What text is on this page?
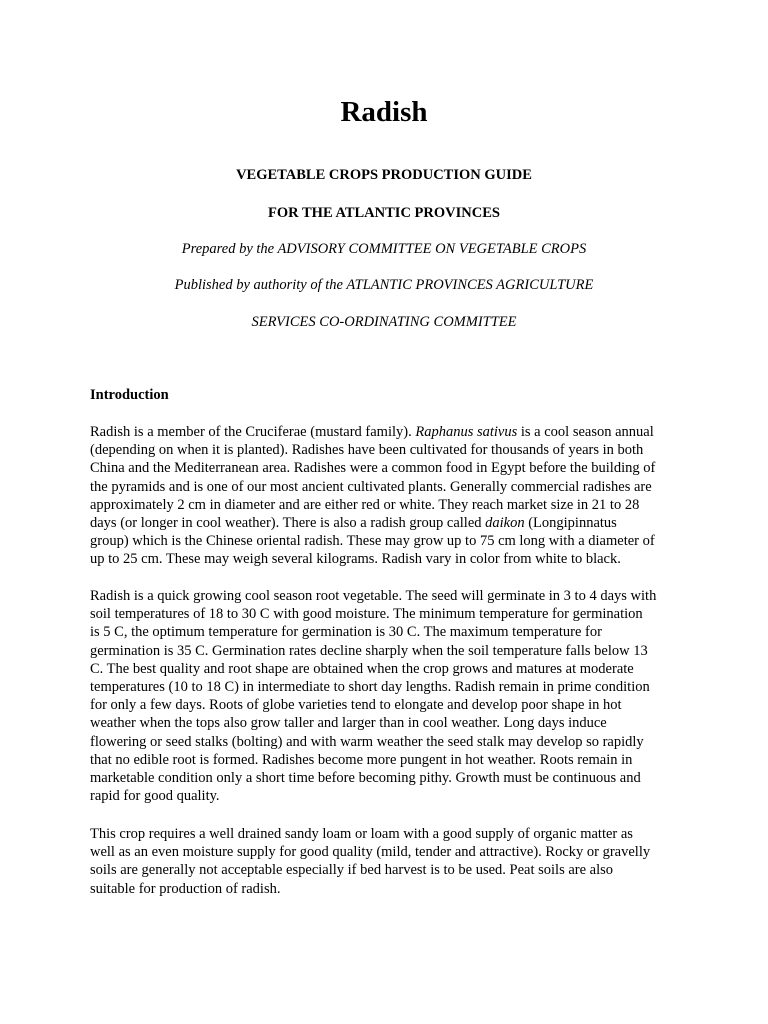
Radish
VEGETABLE CROPS PRODUCTION GUIDE
FOR THE ATLANTIC PROVINCES
Prepared by the ADVISORY COMMITTEE ON VEGETABLE CROPS
Published by authority of the ATLANTIC PROVINCES AGRICULTURE
SERVICES CO-ORDINATING COMMITTEE
Introduction
Radish is a member of the Cruciferae (mustard family). Raphanus sativus is a cool season annual
(depending on when it is planted). Radishes have been cultivated for thousands of years in both
China and the Mediterranean area. Radishes were a common food in Egypt before the building of
the pyramids and is one of our most ancient cultivated plants. Generally commercial radishes are
approximately 2 cm in diameter and are either red or white. They reach market size in 21 to 28
days (or longer in cool weather). There is also a radish group called daikon (Longipinnatus
group) which is the Chinese oriental radish. These may grow up to 75 cm long with a diameter of
up to 25 cm. These may weigh several kilograms. Radish vary in color from white to black.
Radish is a quick growing cool season root vegetable. The seed will germinate in 3 to 4 days with
soil temperatures of 18 to 30 C with good moisture. The minimum temperature for germination
is 5 C, the optimum temperature for germination is 30 C. The maximum temperature for
germination is 35 C. Germination rates decline sharply when the soil temperature falls below 13
C. The best quality and root shape are obtained when the crop grows and matures at moderate
temperatures (10 to 18 C) in intermediate to short day lengths. Radish remain in prime condition
for only a few days. Roots of globe varieties tend to elongate and develop poor shape in hot
weather when the tops also grow taller and larger than in cool weather. Long days induce
flowering or seed stalks (bolting) and with warm weather the seed stalk may develop so rapidly
that no edible root is formed. Radishes become more pungent in hot weather. Roots remain in
marketable condition only a short time before becoming pithy. Growth must be continuous and
rapid for good quality.
This crop requires a well drained sandy loam or loam with a good supply of organic matter as
well as an even moisture supply for good quality (mild, tender and attractive). Rocky or gravelly
soils are generally not acceptable especially if bed harvest is to be used. Peat soils are also
suitable for production of radish.
